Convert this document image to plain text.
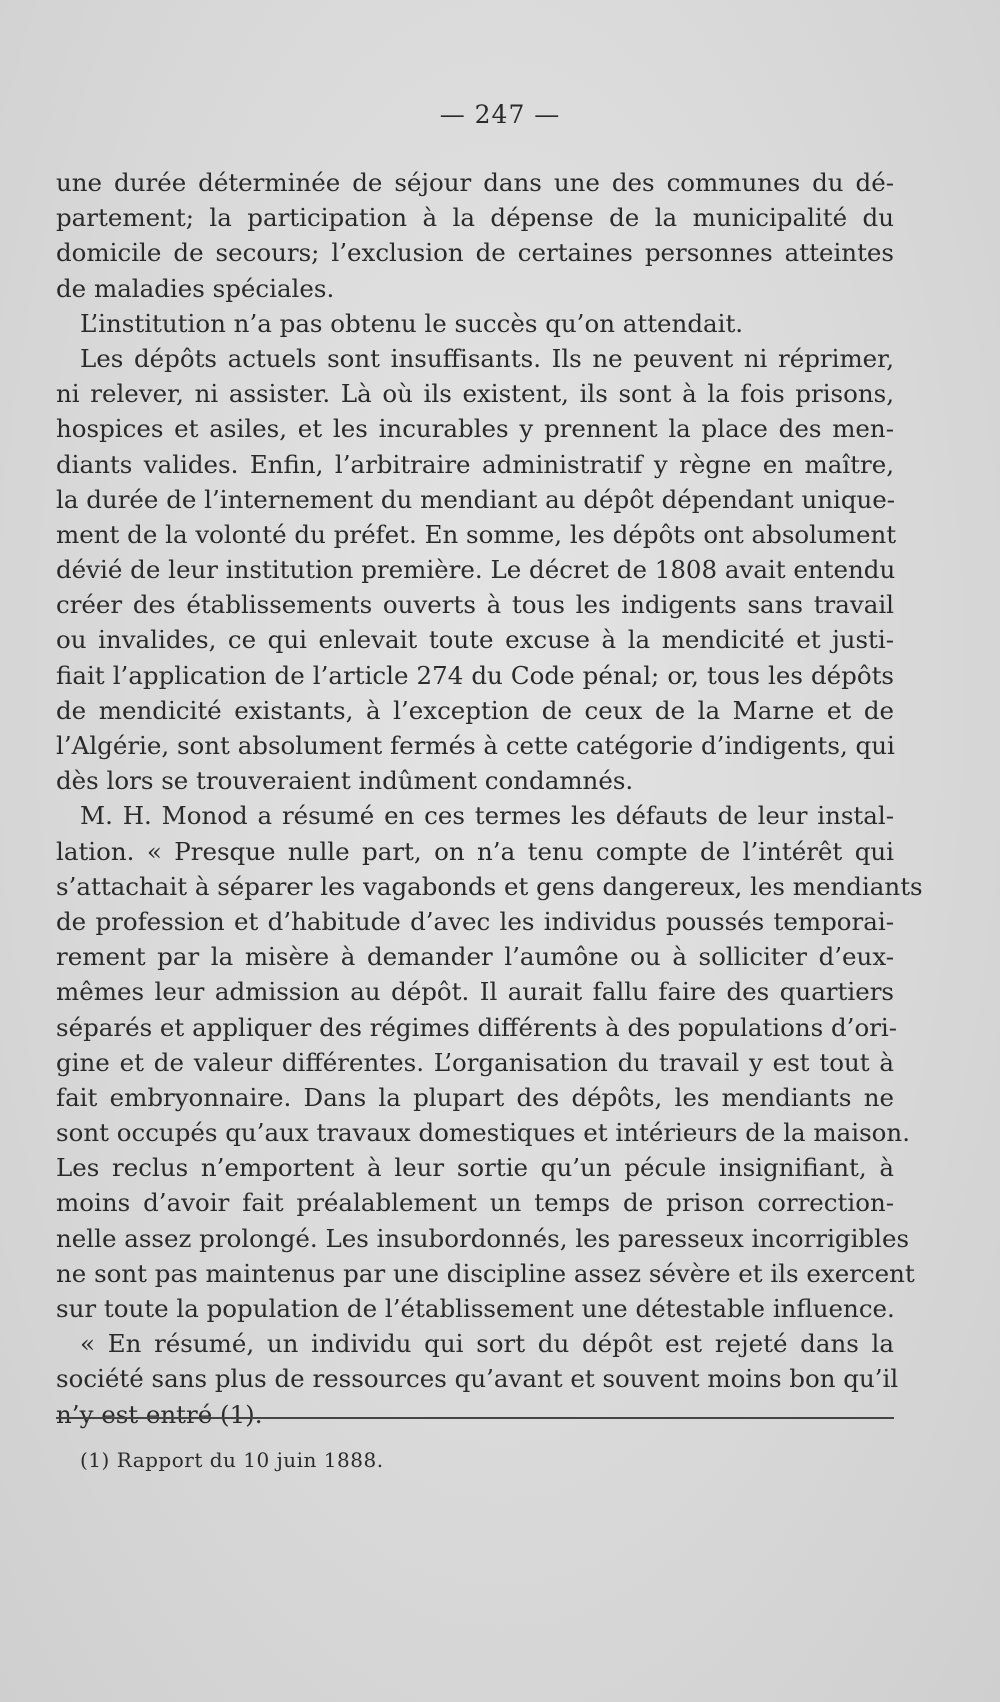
— 247 —
une durée déterminée de séjour dans une des communes du dé-
partement; la participation à la dépense de la municipalité du
domicile de secours; l’exclusion de certaines personnes atteintes
de maladies spéciales.
L’institution n’a pas obtenu le succès qu’on attendait.
Les dépôts actuels sont insuffisants. Ils ne peuvent ni réprimer,
ni relever, ni assister. Là où ils existent, ils sont à la fois prisons,
hospices et asiles, et les incurables y prennent la place des men-
diants valides. Enfin, l’arbitraire administratif y règne en maître,
la durée de l’internement du mendiant au dépôt dépendant unique-
ment de la volonté du préfet. En somme, les dépôts ont absolument
dévié de leur institution première. Le décret de 1808 avait entendu
créer des établissements ouverts à tous les indigents sans travail
ou invalides, ce qui enlevait toute excuse à la mendicité et justi-
fiait l’application de l’article 274 du Code pénal; or, tous les dépôts
de mendicité existants, à l’exception de ceux de la Marne et de
l’Algérie, sont absolument fermés à cette catégorie d’indigents, qui
dès lors se trouveraient indûment condamnés.
M. H. Monod a résumé en ces termes les défauts de leur instal-
lation. « Presque nulle part, on n’a tenu compte de l’intérêt qui
s’attachait à séparer les vagabonds et gens dangereux, les mendiants
de profession et d’habitude d’avec les individus poussés temporai-
rement par la misère à demander l’aumône ou à solliciter d’eux-
mêmes leur admission au dépôt. Il aurait fallu faire des quartiers
séparés et appliquer des régimes différents à des populations d’ori-
gine et de valeur différentes. L’organisation du travail y est tout à
fait embryonnaire. Dans la plupart des dépôts, les mendiants ne
sont occupés qu’aux travaux domestiques et intérieurs de la maison.
Les reclus n’emportent à leur sortie qu’un pécule insignifiant, à
moins d’avoir fait préalablement un temps de prison correction-
nelle assez prolongé. Les insubordonnés, les paresseux incorrigibles
ne sont pas maintenus par une discipline assez sévère et ils exercent
sur toute la population de l’établissement une détestable influence.
« En résumé, un individu qui sort du dépôt est rejeté dans la
société sans plus de ressources qu’avant et souvent moins bon qu’il
n’y est entré (1).
(1) Rapport du 10 juin 1888.
